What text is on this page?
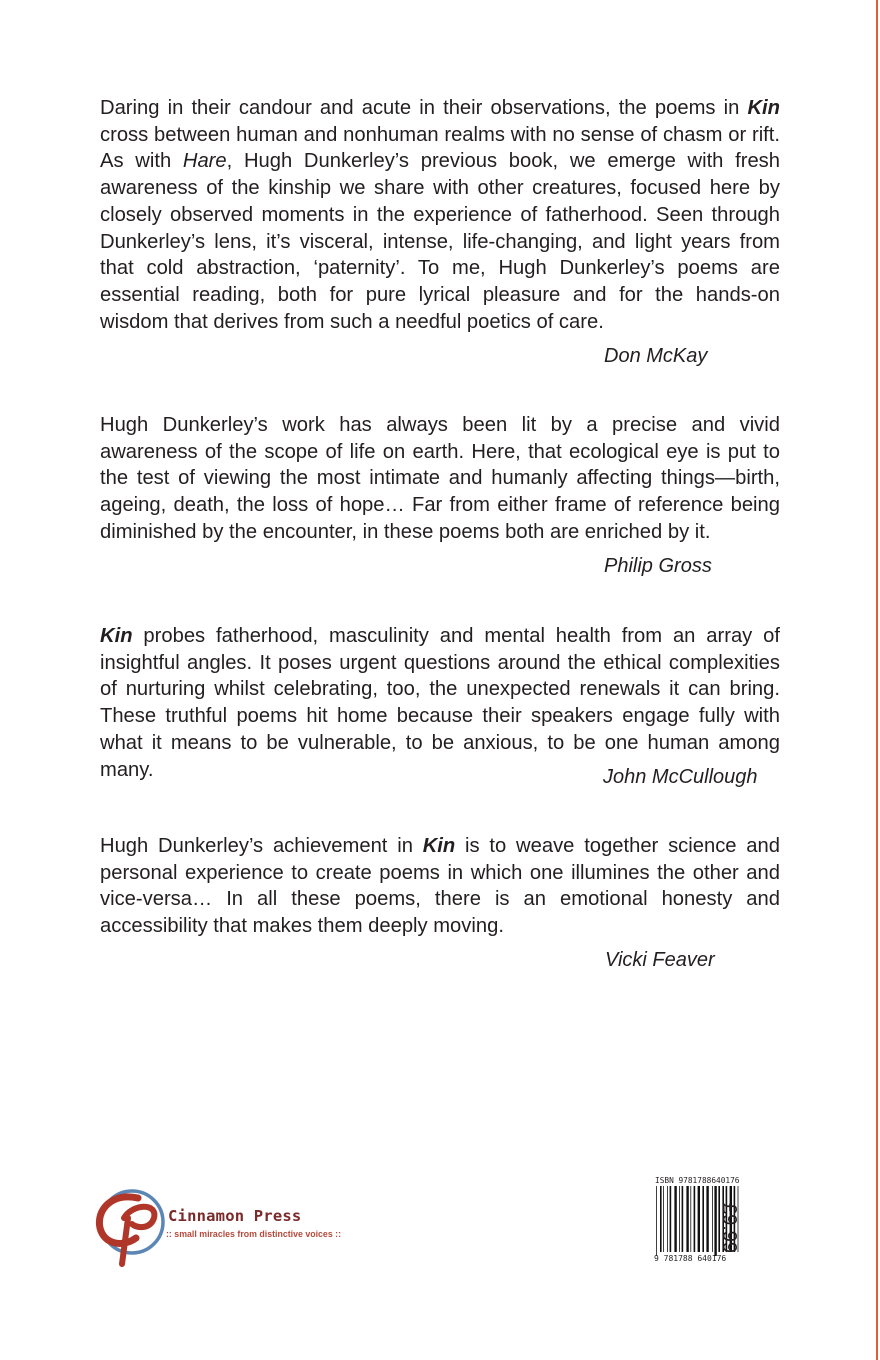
Daring in their candour and acute in their observations, the poems in Kin cross between human and nonhuman realms with no sense of chasm or rift. As with Hare, Hugh Dunkerley’s previous book, we emerge with fresh awareness of the kinship we share with other creatures, focused here by closely observed moments in the experience of fatherhood. Seen through Dunkerley’s lens, it’s visceral, intense, life-changing, and light years from that cold abstraction, ‘paternity’. To me, Hugh Dunkerley’s poems are essential reading, both for pure lyrical pleasure and for the hands-on wisdom that derives from such a needful poetics of care.

Don McKay

Hugh Dunkerley’s work has always been lit by a precise and vivid awareness of the scope of life on earth. Here, that ecological eye is put to the test of viewing the most intimate and humanly affecting things—birth, ageing, death, the loss of hope… Far from either frame of reference being diminished by the encounter, in these poems both are enriched by it.

Philip Gross

Kin probes fatherhood, masculinity and mental health from an array of insightful angles. It poses urgent questions around the ethical complexities of nurturing whilst celebrating, too, the unexpected renewals it can bring. These truthful poems hit home because their speakers engage fully with what it means to be vulnerable, to be anxious, to be one human among many.	John McCullough

Hugh Dunkerley’s achievement in Kin is to weave together science and personal experience to create poems in which one illumines the other and vice-versa… In all these poems, there is an emotional honesty and accessibility that makes them deeply moving.

Vicki Feaver
Cinnamon Press
:: small miracles from distinctive voices ::
ISBN 9781788640176
9 781788 640176
£9.99
